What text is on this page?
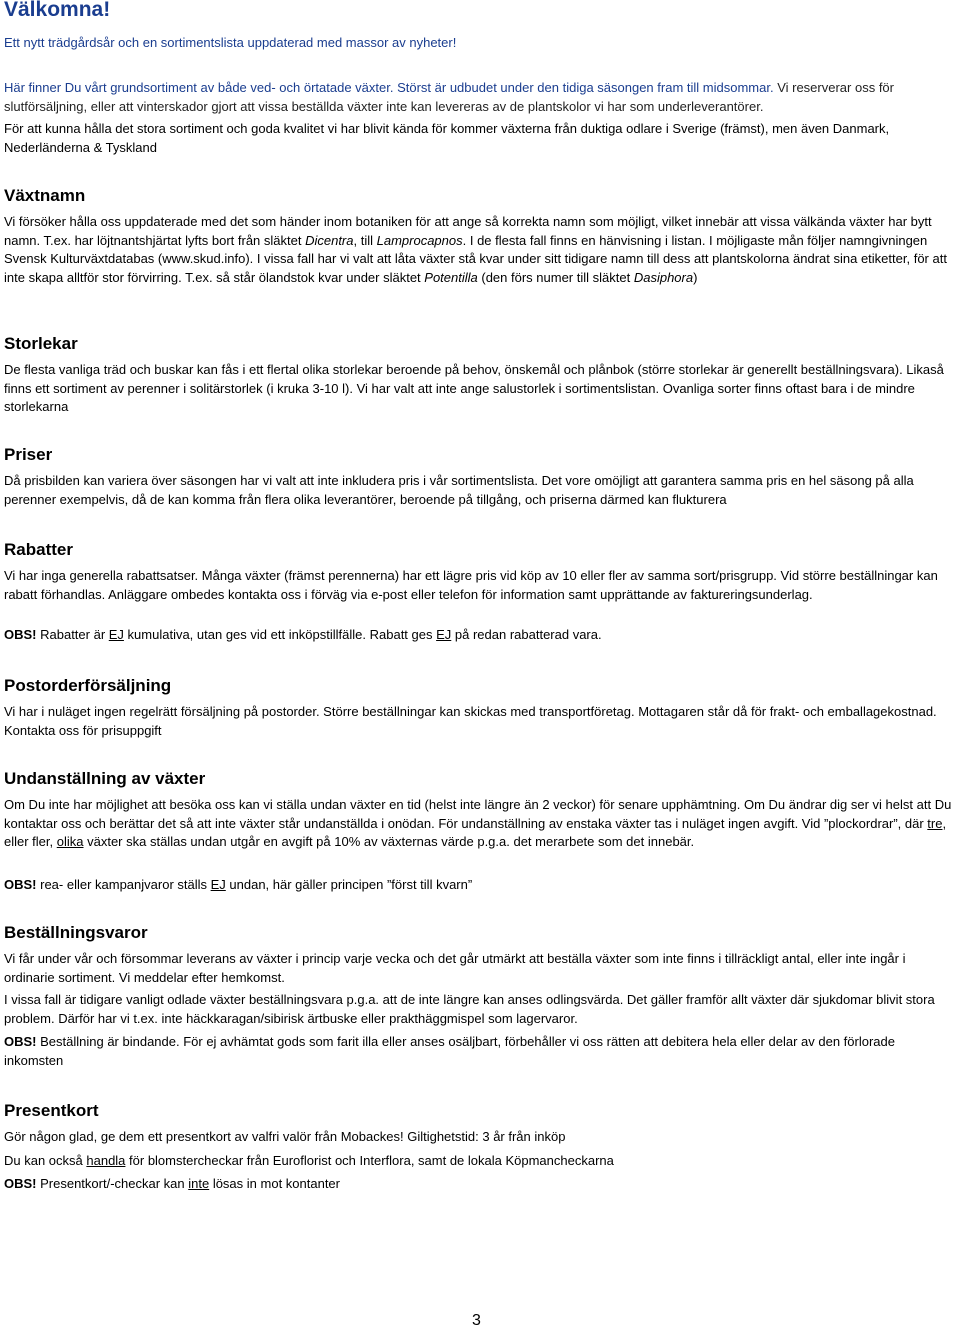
Välkomna!
Ett nytt trädgårdsår och en sortimentslista uppdaterad med massor av nyheter!
Här finner Du vårt grundsortiment av både ved- och örtatade växter. Störst är udbudet under den tidiga säsongen fram till midsommar. Vi reserverar oss för slutförsäljning, eller att vinterskador gjort att vissa beställda växter inte kan levereras av de plantskolor vi har som underleverantörer.

För att kunna hålla det stora sortiment och goda kvalitet vi har blivit kända för kommer växterna från duktiga odlare i Sverige (främst), men även Danmark, Nederländerna & Tyskland

Växtnamn

Vi försöker hålla oss uppdaterade med det som händer inom botaniken för att ange så korrekta namn som möjligt, vilket innebär att vissa välkända växter har bytt namn. T.ex. har löjtnantshjärtat lyfts bort från släktet Dicentra, till Lamprocapnos. I de flesta fall finns en hänvisning i listan. I möjligaste mån följer namngivningen Svensk Kulturväxtdatabas (www.skud.info). I vissa fall har vi valt att låta växter stå kvar under sitt tidigare namn till dess att plantskolorna ändrat sina etiketter, för att inte skapa alltför stor förvirring. T.ex. så står ölandstok kvar under släktet Potentilla (den förs numer till släktet Dasiphora)

Storlekar

De flesta vanliga träd och buskar kan fås i ett flertal olika storlekar beroende på behov, önskemål och plånbok (större storlekar är generellt beställningsvara). Likaså finns ett sortiment av perenner i solitärstorlek (i kruka 3-10 l). Vi har valt att inte ange salustorlek i sortimentslistan. Ovanliga sorter finns oftast bara i de mindre storlekarna

Priser

Då prisbilden kan variera över säsongen har vi valt att inte inkludera pris i vår sortimentslista. Det vore omöjligt att garantera samma pris en hel säsong på alla perenner exempelvis, då de kan komma från flera olika leverantörer, beroende på tillgång, och priserna därmed kan flukturera

Rabatter

Vi har inga generella rabattsatser. Många växter (främst perennerna) har ett lägre pris vid köp av 10 eller fler av samma sort/prisgrupp. Vid större beställningar kan rabatt förhandlas. Anläggare ombedes kontakta oss i förväg via e-post eller telefon för information samt upprättande av faktureringsunderlag.

OBS! Rabatter är EJ kumulativa, utan ges vid ett inköpstillfälle. Rabatt ges EJ på redan rabatterad vara.

Postorderförsäljning

Vi har i nuläget ingen regelrätt försäljning på postorder. Större beställningar kan skickas med transportföretag. Mottagaren står då för frakt- och emballagekostnad. Kontakta oss för prisuppgift

Undanställning av växter

Om Du inte har möjlighet att besöka oss kan vi ställa undan växter en tid (helst inte längre än 2 veckor) för senare upphämtning. Om Du ändrar dig ser vi helst att Du kontaktar oss och berättar det så att inte växter står undanställda i onödan. För undanställning av enstaka växter tas i nuläget ingen avgift. Vid ”plockordrar”, där tre, eller fler, olika växter ska ställas undan utgår en avgift på 10% av växternas värde p.g.a. det merarbete som det innebär.

OBS! rea- eller kampanjvaror ställs EJ undan, här gäller principen ”först till kvarn”

Beställningsvaror

Vi får under vår och försommar leverans av växter i princip varje vecka och det går utmärkt att beställa växter som inte finns i tillräckligt antal, eller inte ingår i ordinarie sortiment. Vi meddelar efter hemkomst.

I vissa fall är tidigare vanligt odlade växter beställningsvara p.g.a. att de inte längre kan anses odlingsvärda. Det gäller framför allt växter där sjukdomar blivit stora problem. Därför har vi t.ex. inte häckkaragan/sibirisk ärtbuske eller prakthäggmispel som lagervaror.

OBS! Beställning är bindande. För ej avhämtat gods som farit illa eller anses osäljbart, förbehåller vi oss rätten att debitera hela eller delar av den förlorade inkomsten

Presentkort

Gör någon glad, ge dem ett presentkort av valfri valör från Mobackes! Giltighetstid: 3 år från inköp

Du kan också handla för blomstercheckar från Euroflorist och Interflora, samt de lokala Köpmancheckarna

OBS! Presentkort/-checkar kan inte lösas in mot kontanter

3
